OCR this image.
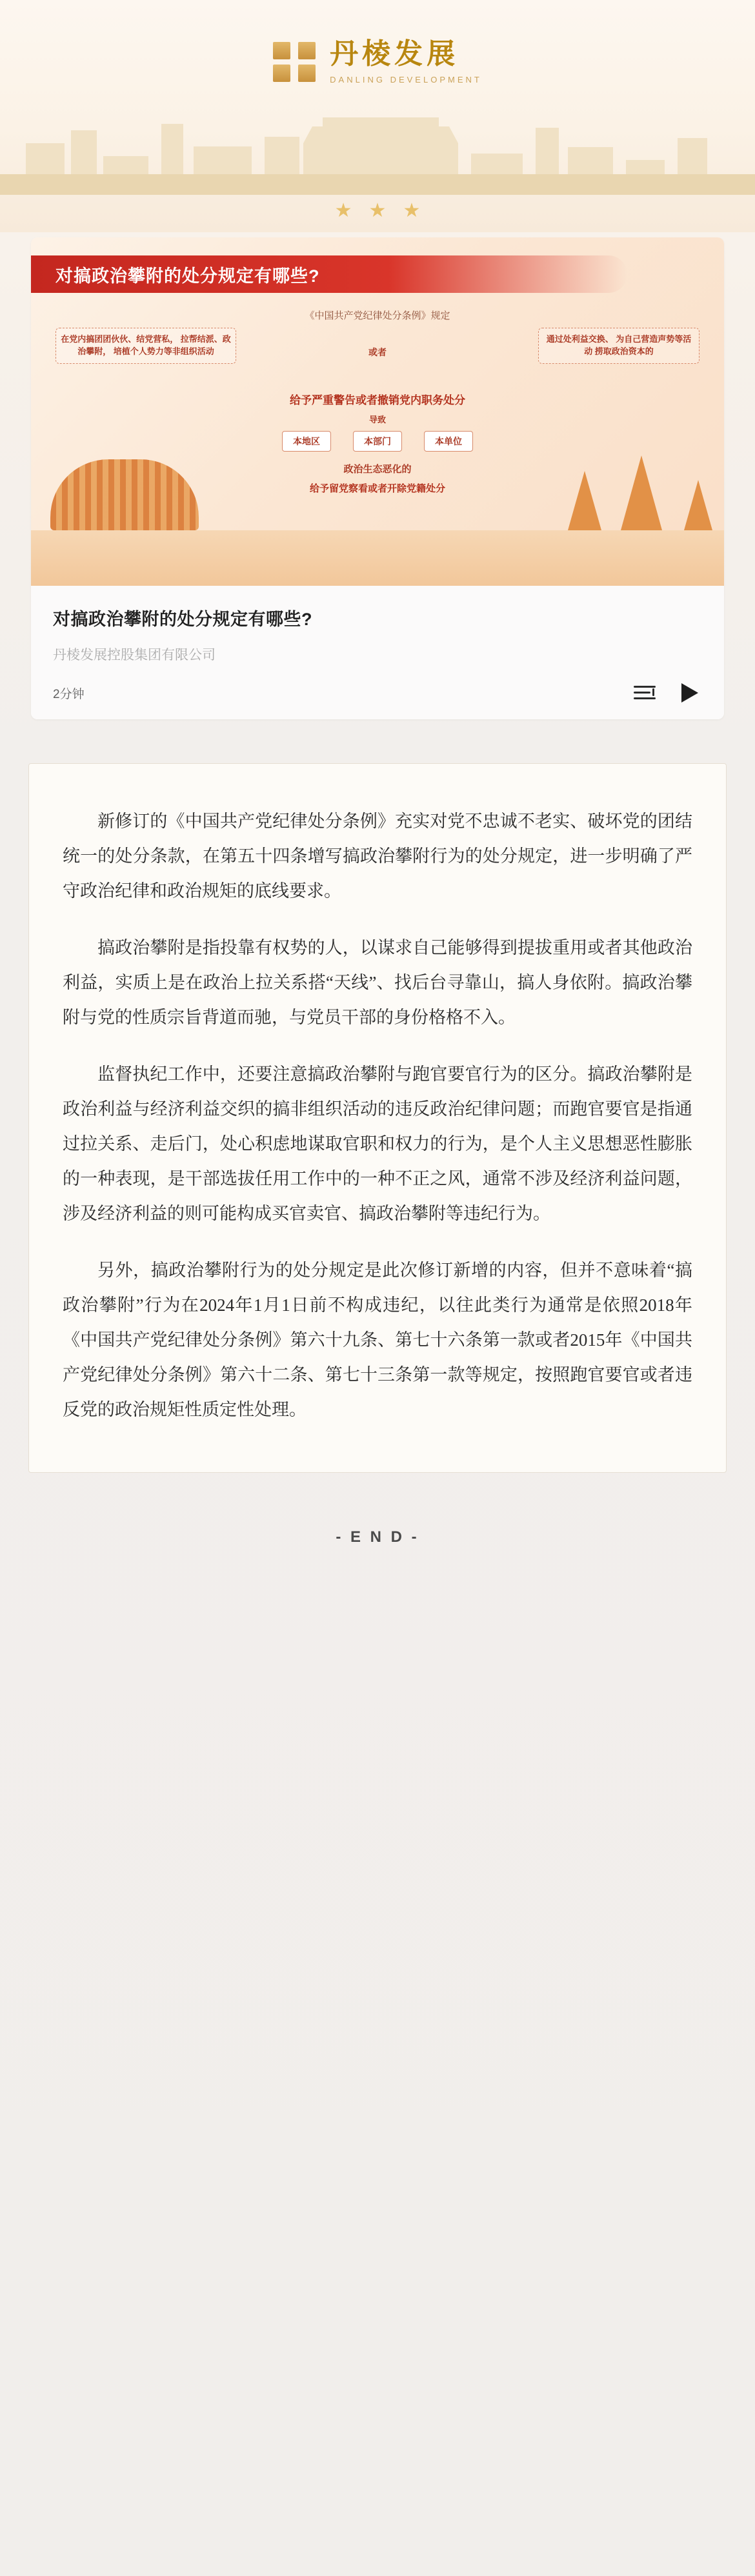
丹棱发展
DANLING DEVELOPMENT
★ ★ ★
对搞政治攀附的处分规定有哪些?
《中国共产党纪律处分条例》规定
在党内搞团团伙伙、结党营私， 拉帮结派、政治攀附， 培植个人势力等非组织活动	或者
通过处利益交换、 为自己营造声势等活动 捞取政治资本的
给予严重警告或者撤销党内职务处分
导致
本地区	本部门	本单位
政治生态恶化的
给予留党察看或者开除党籍处分
对搞政治攀附的处分规定有哪些?
丹棱发展控股集团有限公司
2分钟

新修订的《中国共产党纪律处分条例》充实对党不忠诚不老实、破坏党的团结统一的处分条款，在第五十四条增写搞政治攀附行为的处分规定，进一步明确了严守政治纪律和政治规矩的底线要求。

搞政治攀附是指投靠有权势的人，以谋求自己能够得到提拔重用或者其他政治利益，实质上是在政治上拉关系搭“天线”、找后台寻靠山，搞人身依附。搞政治攀附与党的性质宗旨背道而驰，与党员干部的身份格格不入。

监督执纪工作中，还要注意搞政治攀附与跑官要官行为的区分。搞政治攀附是政治利益与经济利益交织的搞非组织活动的违反政治纪律问题；而跑官要官是指通过拉关系、走后门，处心积虑地谋取官职和权力的行为，是个人主义思想恶性膨胀的一种表现，是干部选拔任用工作中的一种不正之风，通常不涉及经济利益问题，涉及经济利益的则可能构成买官卖官、搞政治攀附等违纪行为。

另外，搞政治攀附行为的处分规定是此次修订新增的内容，但并不意味着“搞政治攀附”行为在2024年1月1日前不构成违纪，以往此类行为通常是依照2018年《中国共产党纪律处分条例》第六十九条、第七十六条第一款或者2015年《中国共产党纪律处分条例》第六十二条、第七十三条第一款等规定，按照跑官要官或者违反党的政治规矩性质定性处理。

- E N D -
